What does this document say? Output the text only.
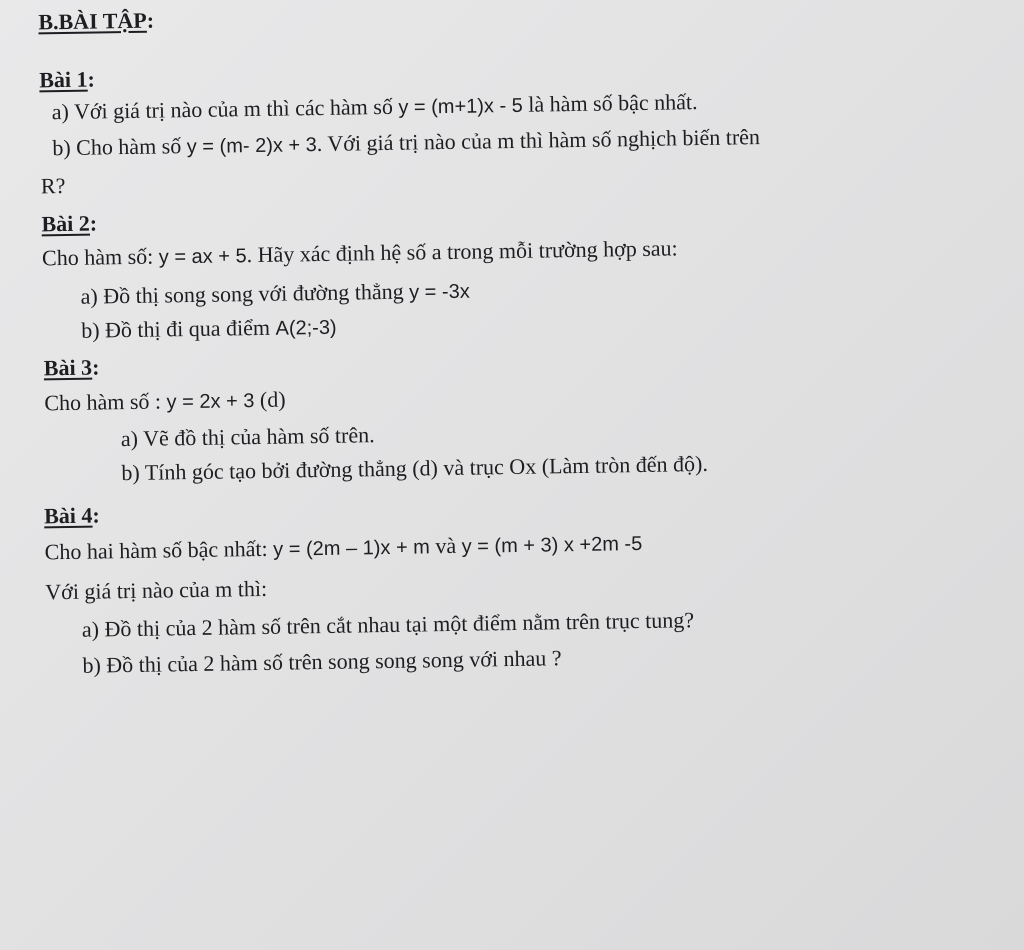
B.BÀI TẬP:
Bài 1:
a) Với giá trị nào của m thì các hàm số y = (m+1)x - 5 là hàm số bậc nhất.
b) Cho hàm số y = (m- 2)x + 3. Với giá trị nào của m thì hàm số nghịch biến trên
R?
Bài 2:
Cho hàm số: y = ax + 5. Hãy xác định hệ số a trong mỗi trường hợp sau:
a) Đồ thị song song với đường thẳng y = -3x
b) Đồ thị đi qua điểm A(2;-3)
Bài 3:
Cho hàm số : y = 2x + 3 (d)
a) Vẽ đồ thị của hàm số trên.
b) Tính góc tạo bởi đường thẳng (d) và trục Ox (Làm tròn đến độ).
Bài 4:
Cho hai hàm số bậc nhất: y = (2m – 1)x + m và y = (m + 3) x +2m -5
Với giá trị nào của m thì:
a) Đồ thị của 2 hàm số trên cắt nhau tại một điểm nằm trên trục tung?
b) Đồ thị của 2 hàm số trên song song song với nhau ?
